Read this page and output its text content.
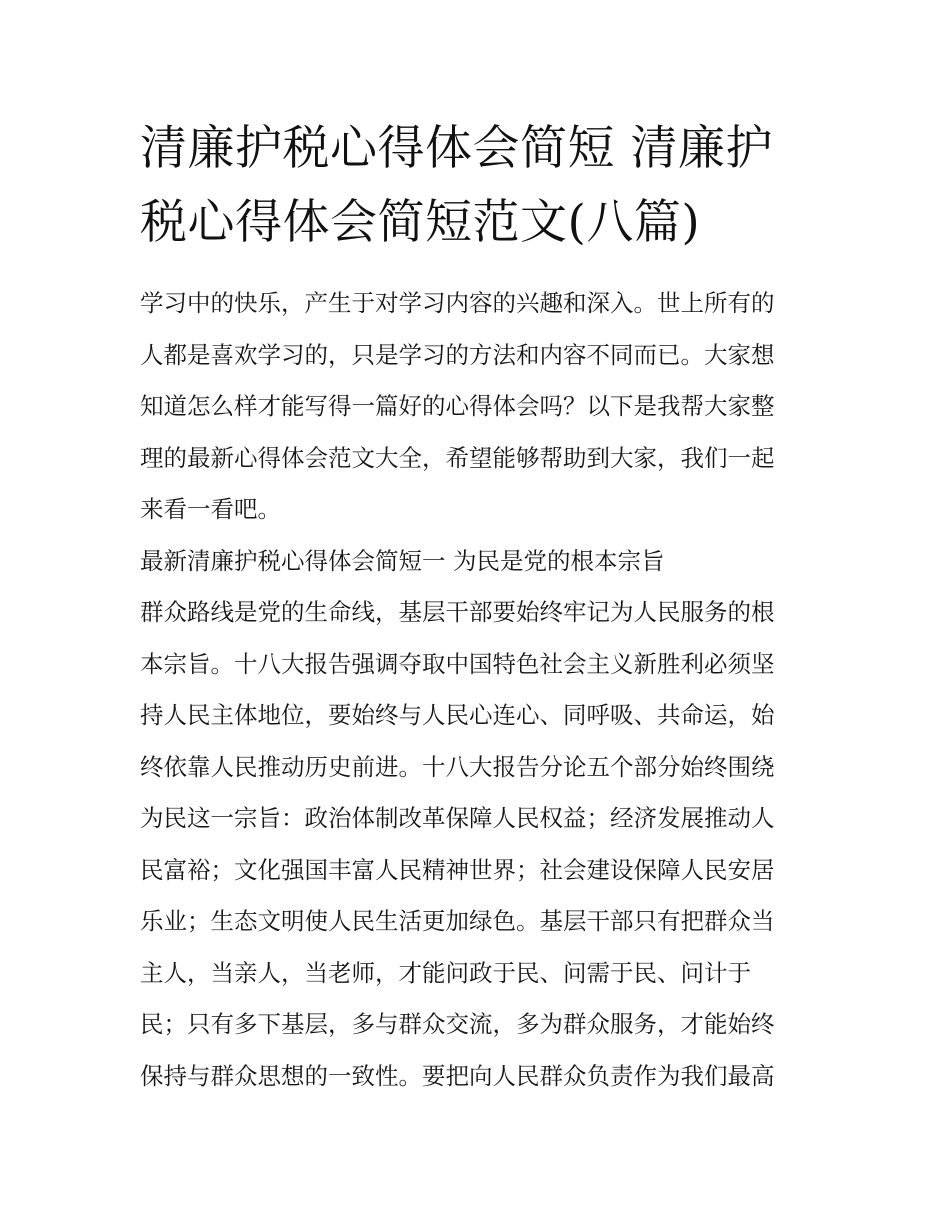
清廉护税心得体会简短 清廉护
税心得体会简短范文(八篇)
学习中的快乐，产生于对学习内容的兴趣和深入。世上所有的
人都是喜欢学习的，只是学习的方法和内容不同而已。大家想
知道怎么样才能写得一篇好的心得体会吗？以下是我帮大家整
理的最新心得体会范文大全，希望能够帮助到大家，我们一起
来看一看吧。
最新清廉护税心得体会简短一 为民是党的根本宗旨
群众路线是党的生命线，基层干部要始终牢记为人民服务的根
本宗旨。十八大报告强调夺取中国特色社会主义新胜利必须坚
持人民主体地位，要始终与人民心连心、同呼吸、共命运，始
终依靠人民推动历史前进。十八大报告分论五个部分始终围绕
为民这一宗旨：政治体制改革保障人民权益；经济发展推动人
民富裕；文化强国丰富人民精神世界；社会建设保障人民安居
乐业；生态文明使人民生活更加绿色。基层干部只有把群众当
主人，当亲人，当老师，才能问政于民、问需于民、问计于
民；只有多下基层，多与群众交流，多为群众服务，才能始终
保持与群众思想的一致性。要把向人民群众负责作为我们最高
